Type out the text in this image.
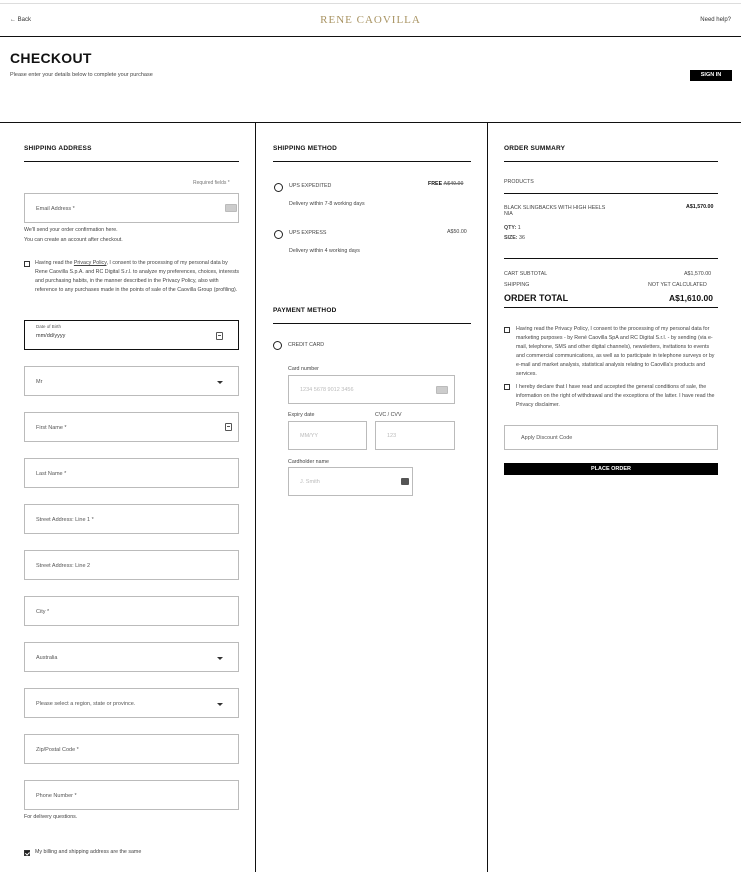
← Back	RENE CAOVILLA	Need help?
CHECKOUT
Please enter your details below to complete your purchase	SIGN IN
SHIPPING ADDRESS
Required fields *
Email Address *
We'll send your order confirmation here.
You can create an account after checkout.
Having read the Privacy Policy, I consent to the processing of my personal data by Rene Caovilla S.p.A. and RC Digital S.r.l. to analyze my preferences, choices, interests and purchasing habits, in the manner described in the Privacy Policy, also with reference to any purchases made in the points of sale of the Caovilla Group (profiling).
Date of Birth
mm/dd/yyyy
Mr
First Name *
Last Name *
Street Address: Line 1 *
Street Address: Line 2
City *
Australia
Please select a region, state or province.
Zip/Postal Code *
Phone Number *
For delivery questions.
My billing and shipping address are the same
SHIPPING METHOD
UPS EXPEDITED	FREE A$40.00
Delivery within 7-8 working days
UPS EXPRESS	A$50.00
Delivery within 4 working days
PAYMENT METHOD
CREDIT CARD
Card number
1234 5678 9012 3456
Expiry date
MM/YY
CVC / CVV
123
Cardholder name
J. Smith
ORDER SUMMARY
PRODUCTS
BLACK SLINGBACKS WITH HIGH HEELS NIA
A$1,570.00
QTY: 1
SIZE: 36
CART SUBTOTAL	A$1,570.00
SHIPPING	NOT YET CALCULATED
ORDER TOTAL	A$1,610.00
Having read the Privacy Policy, I consent to the processing of my personal data for marketing purposes - by René Caovilla SpA and RC Digital S.r.l. - by sending (via e-mail, telephone, SMS and other digital channels), newsletters, invitations to events and commercial communications, as well as to participate in telephone surveys or by e-mail and market analysis, statistical analysis relating to Caovilla's products and services.
I hereby declare that I have read and accepted the general conditions of sale, the information on the right of withdrawal and the exceptions of the latter. I have read the Privacy disclaimer.
Apply Discount Code
PLACE ORDER
